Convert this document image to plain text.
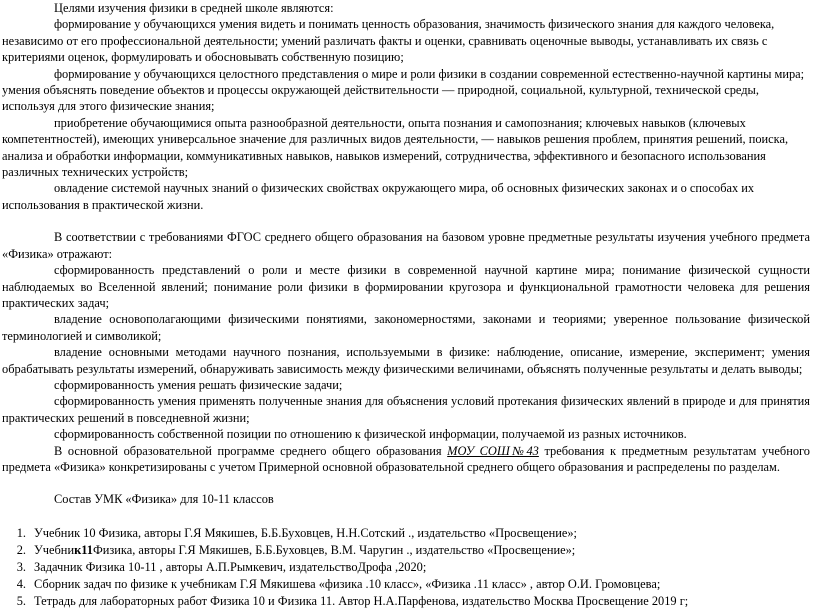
Целями изучения физики в средней школе являются:

формирование у обучающихся умения видеть и понимать ценность образования, значимость физического знания для каждого человека, независимо от его профессиональной деятельности; умений различать факты и оценки, сравнивать оценочные выводы, устанавливать их связь с критериями оценок, формулировать и обосновывать собственную позицию;

формирование у обучающихся целостного представления о мире и роли физики в создании современной естественно-научной картины мира; умения объяснять поведение объектов и процессы окружающей действительности — природной, социальной, культурной, технической среды, используя для этого физические знания;

приобретение обучающимися опыта разнообразной деятельности, опыта познания и самопознания; ключевых навыков (ключевых компетентностей), имеющих универсальное значение для различных видов деятельности, — навыков решения проблем, принятия решений, поиска, анализа и обработки информации, коммуникативных навыков, навыков измерений, сотрудничества, эффективного и безопасного использования различных технических устройств;

овладение системой научных знаний о физических свойствах окружающего мира, об основных физических законах и о способах их использования в практической жизни.

В соответствии с требованиями ФГОС среднего общего образования на базовом уровне предметные результаты изучения учебного предмета «Физика» отражают:

сформированность представлений о роли и месте физики в современной научной картине мира; понимание физической сущности наблюдаемых во Вселенной явлений; понимание роли физики в формировании кругозора и функциональной грамотности человека для решения практических задач;

владение основополагающими физическими понятиями, закономерностями, законами и теориями; уверенное пользование физической терминологией и символикой;

владение основными методами научного познания, используемыми в физике: наблюдение, описание, измерение, эксперимент; умения обрабатывать результаты измерений, обнаруживать зависимость между физическими величинами, объяснять полученные результаты и делать выводы;

сформированность умения решать физические задачи;

сформированность умения применять полученные знания для объяснения условий протекания физических явлений в природе и для принятия практических решений в повседневной жизни;

сформированность собственной позиции по отношению к физической информации, получаемой из разных источников.

В основной образовательной программе среднего общего образования МОУ СОШ№43 требования к предметным результатам учебного предмета «Физика» конкретизированы с учетом Примерной основной образовательной среднего общего образования и распределены по разделам.

Состав УМК «Физика» для 10-11 классов

1. Учебник 10 Физика, авторы Г.Я Мякишев, Б.Б.Буховцев, Н.Н.Сотский ., издательство «Просвещение»;
2. Учебник11Физика, авторы Г.Я Мякишев, Б.Б.Буховцев, В.М. Чаругин ., издательство «Просвещение»;
3. Задачник Физика 10-11 , авторы А.П.Рымкевич, издательствоДрофа ,2020;
4. Сборник задач по физике к учебникам Г.Я Мякишева «физика .10 класс», «Физика .11 класс» , автор О.И. Громовцева;
5. Тетрадь для лабораторных работ Физика 10 и Физика 11. Автор Н.А.Парфенова, издательство Москва Просвещение 2019 г;
